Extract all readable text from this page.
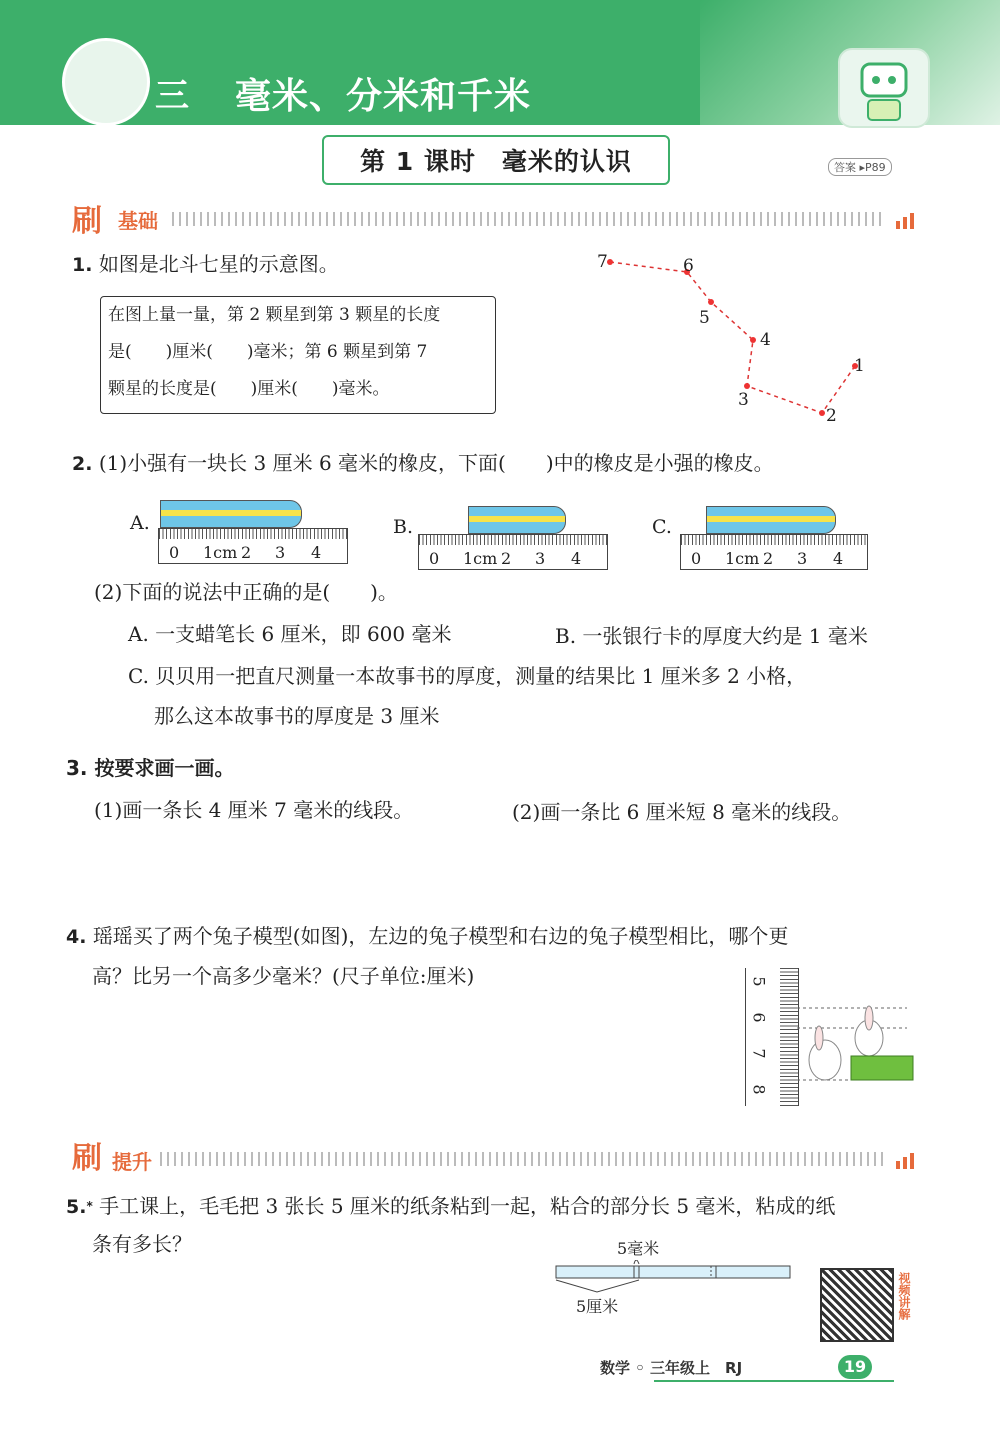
三 毫米、分米和千米
第 1 课时　毫米的认识	答案 ▸P89
刷 基础
1. 如图是北斗七星的示意图。
在图上量一量，第 2 颗星到第 3 颗星的长度
是(　　)厘米(　　)毫米；第 6 颗星到第 7
颗星的长度是(　　)厘米(　　)毫米。
1
2
3
4
5
6
7
2. (1)小强有一块长 3 厘米 6 毫米的橡皮，下面(　　)中的橡皮是小强的橡皮。
A.
0 1cm 2 3 4
B.
0 1cm 2 3 4
C.
0 1cm 2 3 4
(2)下面的说法中正确的是(　　)。
A. 一支蜡笔长 6 厘米，即 600 毫米	B. 一张银行卡的厚度大约是 1 毫米
C. 贝贝用一把直尺测量一本故事书的厚度，测量的结果比 1 厘米多 2 小格，
那么这本故事书的厚度是 3 厘米
3. 按要求画一画。
(1)画一条长 4 厘米 7 毫米的线段。	(2)画一条比 6 厘米短 8 毫米的线段。
4. 瑶瑶买了两个兔子模型(如图)，左边的兔子模型和右边的兔子模型相比，哪个更
高？比另一个高多少毫米？(尺子单位:厘米)	5
6
7
8
刷 提升
5.* 手工课上，毛毛把 3 张长 5 厘米的纸条粘到一起，粘合的部分长 5 毫米，粘成的纸
条有多长？	5毫米
5厘米	视频讲解
数学 ◦ 三年级上　RJ	19
